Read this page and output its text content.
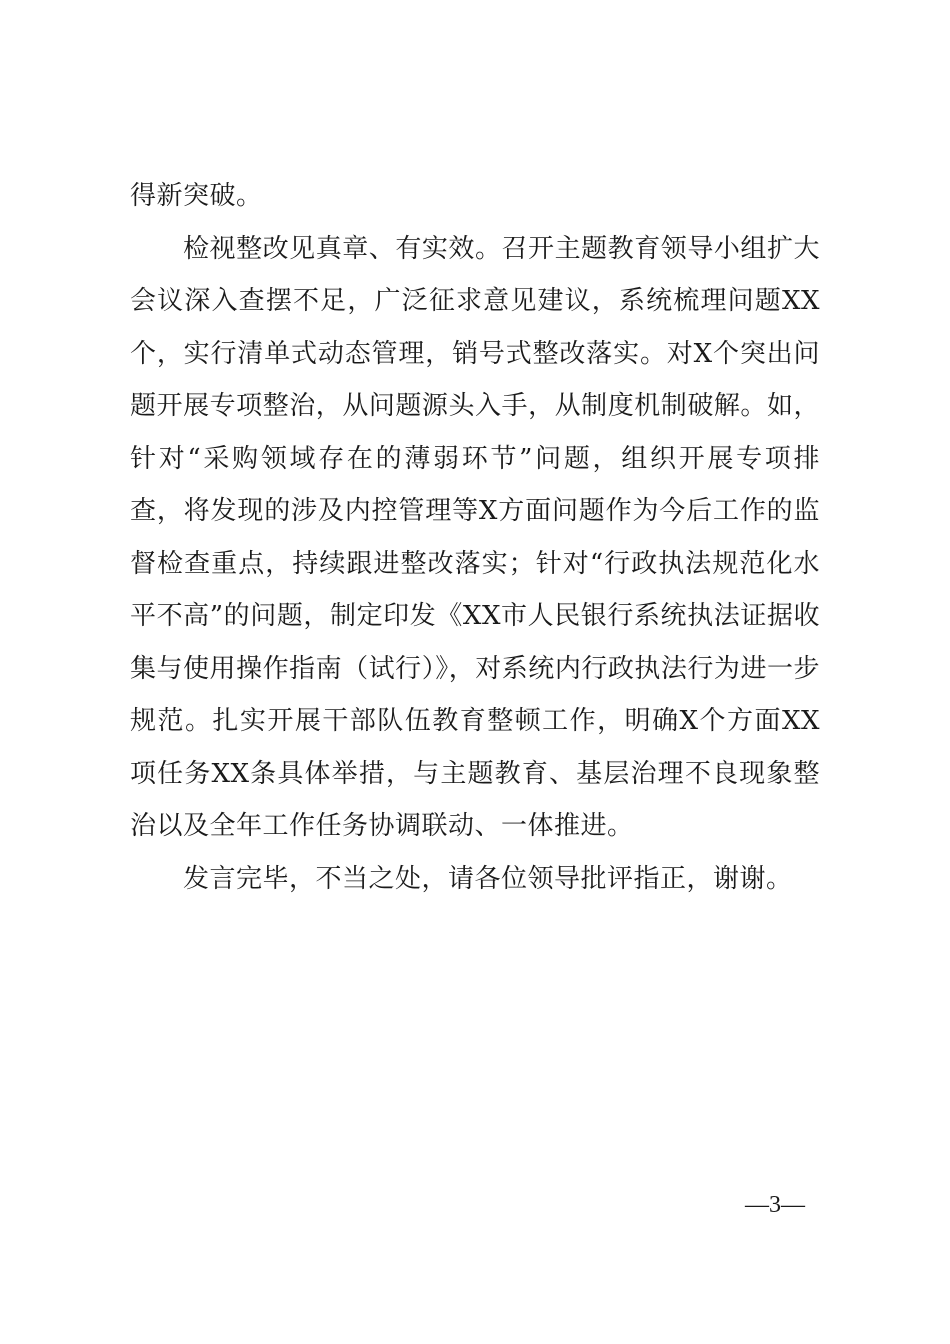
得新突破。

检视整改见真章、有实效。召开主题教育领导小组扩大会议深入查摆不足，广泛征求意见建议，系统梳理问题XX个，实行清单式动态管理，销号式整改落实。对X个突出问题开展专项整治，从问题源头入手，从制度机制破解。如，针对“采购领域存在的薄弱环节”问题，组织开展专项排查，将发现的涉及内控管理等X方面问题作为今后工作的监督检查重点，持续跟进整改落实；针对“行政执法规范化水平不高”的问题，制定印发《XX市人民银行系统执法证据收集与使用操作指南（试行）》，对系统内行政执法行为进一步规范。扎实开展干部队伍教育整顿工作，明确X个方面XX项任务XX条具体举措，与主题教育、基层治理不良现象整治以及全年工作任务协调联动、一体推进。

发言完毕，不当之处，请各位领导批评指正，谢谢。

—3—
